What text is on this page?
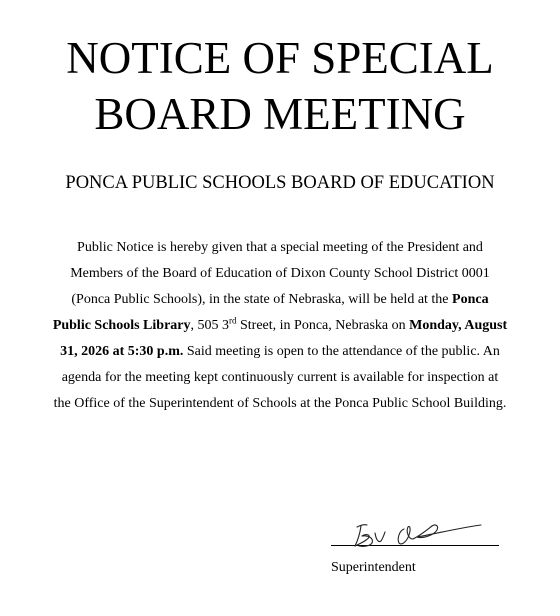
NOTICE OF SPECIAL
BOARD MEETING
PONCA PUBLIC SCHOOLS BOARD OF EDUCATION

Public Notice is hereby given that a special meeting of the President and Members of the Board of Education of Dixon County School District 0001 (Ponca Public Schools), in the state of Nebraska, will be held at the Ponca Public Schools Library, 505 3rd Street, in Ponca, Nebraska on Monday, August 31, 2026 at 5:30 p.m. Said meeting is open to the attendance of the public. An agenda for the meeting kept continuously current is available for inspection at the Office of the Superintendent of Schools at the Ponca Public School Building.

Superintendent
